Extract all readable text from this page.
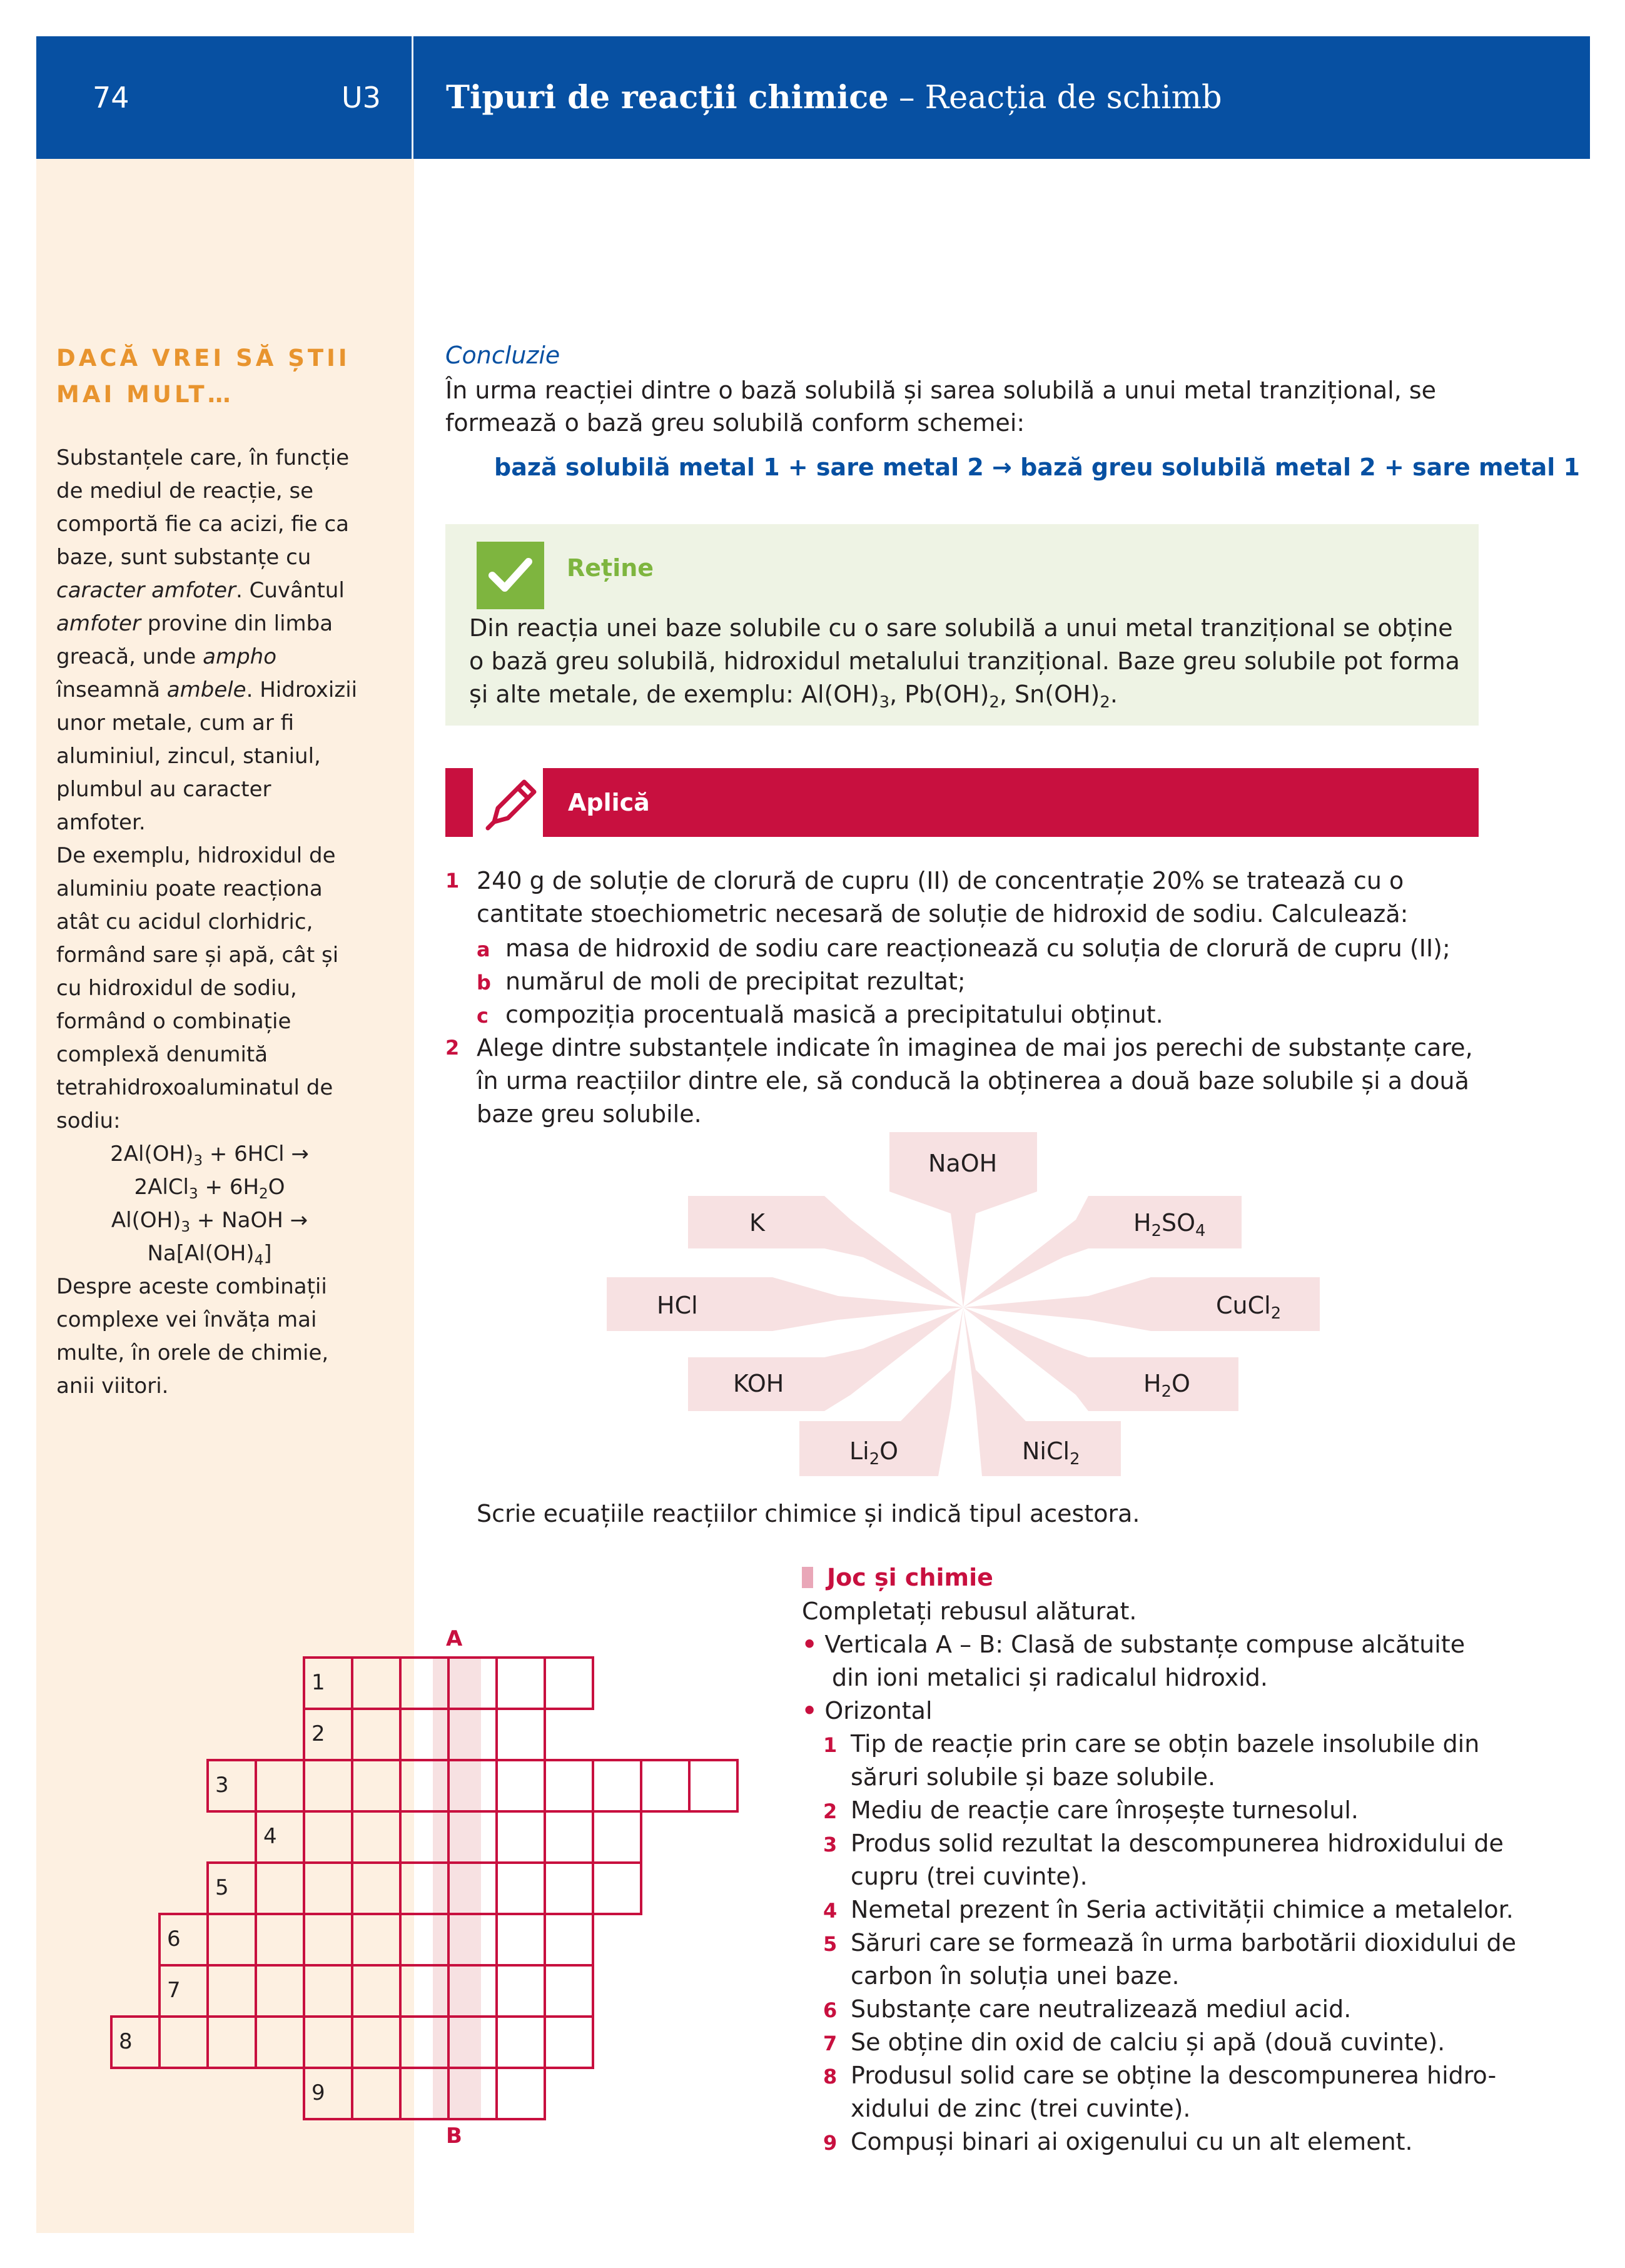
74	U3 Tipuri de reacții chimice – Reacția de schimb
DACĂ VREI SĂ ȘTII MAI MULT…

Substanțele care, în funcție de mediul de reacție, se comportă fie ca acizi, fie ca baze, sunt substanțe cu caracter amfoter. Cuvântul amfoter provine din limba greacă, unde ampho înseamnă ambele. Hidroxizii unor metale, cum ar fi aluminiul, zincul, staniul, plumbul au caracter amfoter.

De exemplu, hidroxidul de aluminiu poate reacționa atât cu acidul clorhidric, formând sare și apă, cât și cu hidroxidul de sodiu, formând o combinație complexă denumită tetrahidroxoaluminatul de sodiu:

$2Al(OH)_3 + 6HCl$ →

2AlCl$_3$ + $6H_2O$

$Al(OH)_3$ + NaOH →

$Na[Al(OH)_4]$

Despre aceste combinații complexe vei învăța mai multe, în orele de chimie, anii viitori.

Concluzie
În urma reacției dintre o bază solubilă și sarea solubilă a unui metal tranzițional, se formează o bază greu solubilă conform schemei:
bază solubilă metal 1 + sare metal 2 → bază greu solubilă metal 2 + sare metal 1
Reține
Din reacția unei baze solubile cu o sare solubilă a unui metal tranzițional se obține o bază greu solubilă, hidroxidul metalului tranzițional. Baze greu solubile pot forma și alte metale, de exemplu: $Al(OH)_3$, $Pb(OH)_2$, $Sn(OH)_2$.
Aplică
1 240 g de soluție de clorură de cupru (II) de concentrație 20% se tratează cu o cantitate stoechiometric necesară de soluție de hidroxid de sodiu. Calculează:
a masa de hidroxid de sodiu care reacționează cu soluția de clorură de cupru (II);
b numărul de moli de precipitat rezultat;
c compoziția procentuală masică a precipitatului obținut.
2 Alege dintre substanțele indicate în imaginea de mai jos perechi de substanțe care, în urma reacțiilor dintre ele, să conducă la obținerea a două baze solubile și a două baze greu solubile.
NaOH
K	$H_2SO_4$
HCl	CuCl$_2$
KOH	$H_2O$
$Li_2O$	NiCl$_2$
Scrie ecuațiile reacțiilor chimice și indică tipul acestora.
A
B
1
2
3
4
5
6
7
8
9
Joc și chimie
Completați rebusul alăturat.
• Verticala A – B: Clasă de substanțe compuse alcătuite
din ioni metalici și radicalul hidroxid.
• Orizontal
1 Tip de reacție prin care se obțin bazele insolubile din
săruri solubile și baze solubile.
2 Mediu de reacție care înroșește turnesolul.
3 Produs solid rezultat la descompunerea hidroxidului de
cupru (trei cuvinte).
4 Nemetal prezent în Seria activității chimice a metalelor.
5 Săruri care se formează în urma barbotării dioxidului de
carbon în soluția unei baze.
6 Substanțe care neutralizează mediul acid.
7 Se obține din oxid de calciu și apă (două cuvinte).
8 Produsul solid care se obține la descompunerea hidro-
xidului de zinc (trei cuvinte).
9 Compuși binari ai oxigenului cu un alt element.
